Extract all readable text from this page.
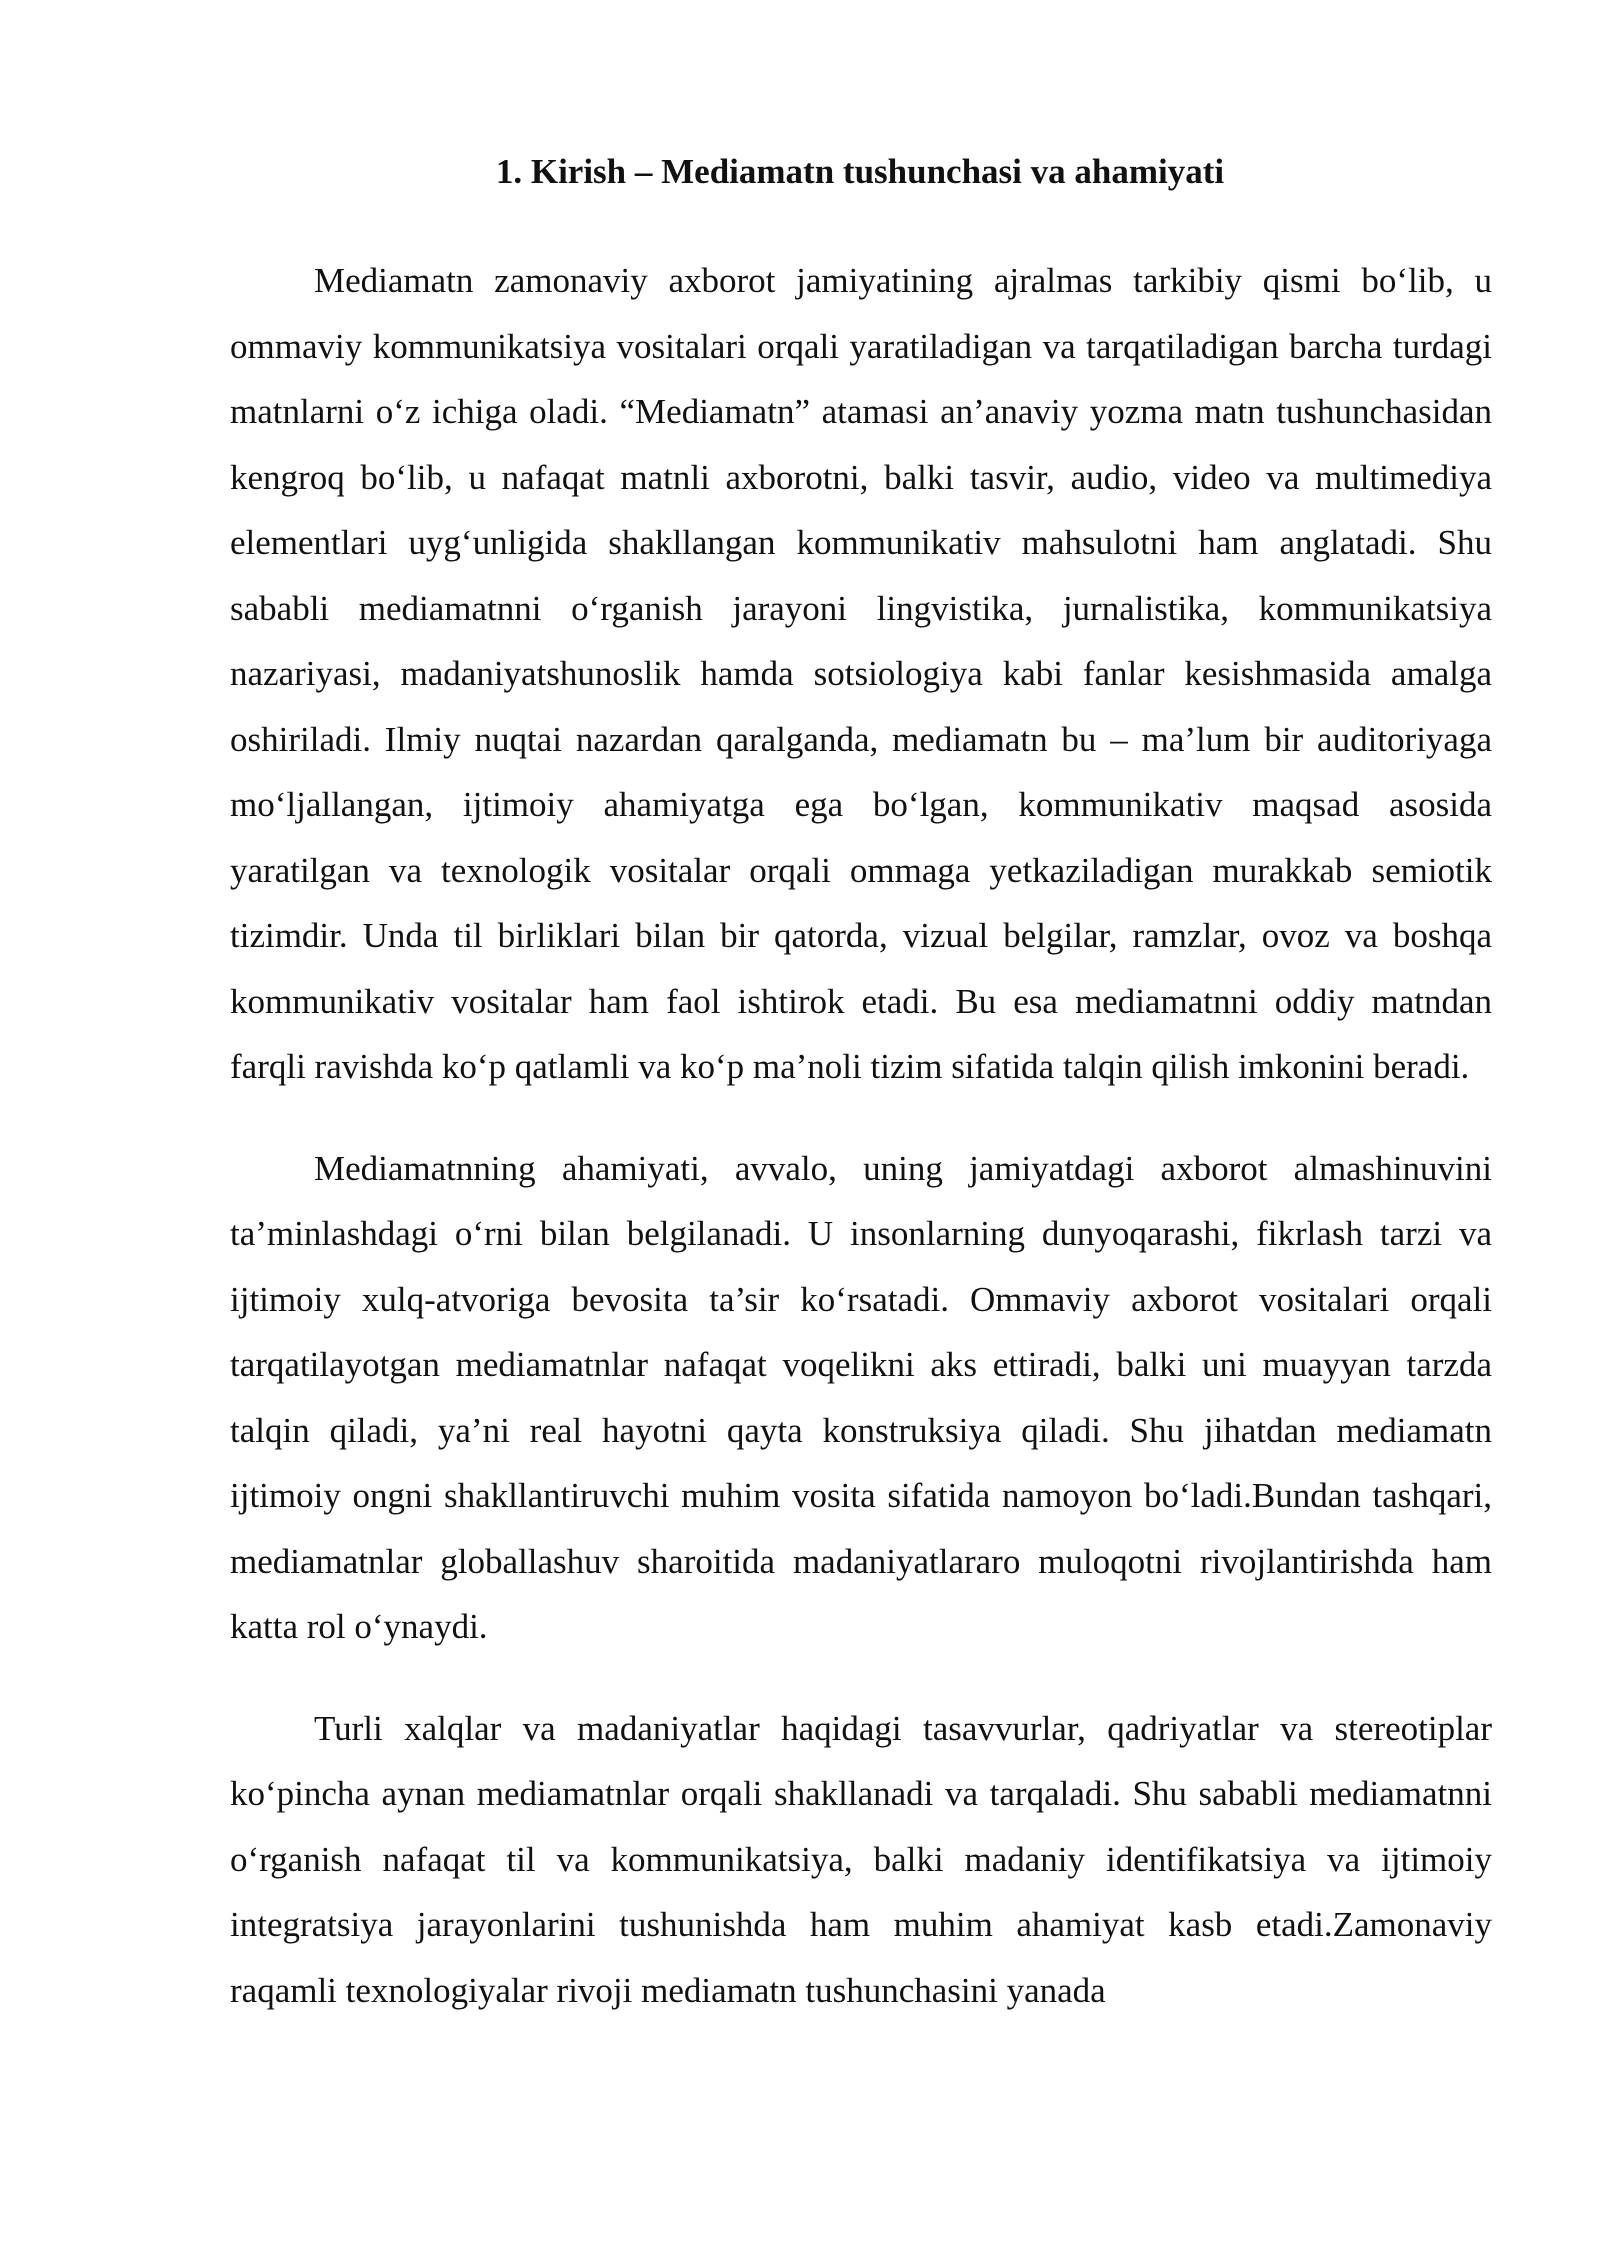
1. Kirish – Mediamatn tushunchasi va ahamiyati

Mediamatn zamonaviy axborot jamiyatining ajralmas tarkibiy qismi bo‘lib, u ommaviy kommunikatsiya vositalari orqali yaratiladigan va tarqatiladigan barcha turdagi matnlarni o‘z ichiga oladi. “Mediamatn” atamasi an’anaviy yozma matn tushunchasidan kengroq bo‘lib, u nafaqat matnli axborotni, balki tasvir, audio, video va multimediya elementlari uyg‘unligida shakllangan kommunikativ mahsulotni ham anglatadi. Shu sababli mediamatnni o‘rganish jarayoni lingvistika, jurnalistika, kommunikatsiya nazariyasi, madaniyatshunoslik hamda sotsiologiya kabi fanlar kesishmasida amalga oshiriladi. Ilmiy nuqtai nazardan qaralganda, mediamatn bu – ma’lum bir auditoriyaga mo‘ljallangan, ijtimoiy ahamiyatga ega bo‘lgan, kommunikativ maqsad asosida yaratilgan va texnologik vositalar orqali ommaga yetkaziladigan murakkab semiotik tizimdir. Unda til birliklari bilan bir qatorda, vizual belgilar, ramzlar, ovoz va boshqa kommunikativ vositalar ham faol ishtirok etadi. Bu esa mediamatnni oddiy matndan farqli ravishda ko‘p qatlamli va ko‘p ma’noli tizim sifatida talqin qilish imkonini beradi.

Mediamatnning ahamiyati, avvalo, uning jamiyatdagi axborot almashinuvini ta’minlashdagi o‘rni bilan belgilanadi. U insonlarning dunyoqarashi, fikrlash tarzi va ijtimoiy xulq-atvoriga bevosita ta’sir ko‘rsatadi. Ommaviy axborot vositalari orqali tarqatilayotgan mediamatnlar nafaqat voqelikni aks ettiradi, balki uni muayyan tarzda talqin qiladi, ya’ni real hayotni qayta konstruksiya qiladi. Shu jihatdan mediamatn ijtimoiy ongni shakllantiruvchi muhim vosita sifatida namoyon bo‘ladi.Bundan tashqari, mediamatnlar globallashuv sharoitida madaniyatlararo muloqotni rivojlantirishda ham katta rol o‘ynaydi.

Turli xalqlar va madaniyatlar haqidagi tasavvurlar, qadriyatlar va stereotiplar ko‘pincha aynan mediamatnlar orqali shakllanadi va tarqaladi. Shu sababli mediamatnni o‘rganish nafaqat til va kommunikatsiya, balki madaniy identifikatsiya va ijtimoiy integratsiya jarayonlarini tushunishda ham muhim ahamiyat kasb etadi.Zamonaviy raqamli texnologiyalar rivoji mediamatn tushunchasini yanada
